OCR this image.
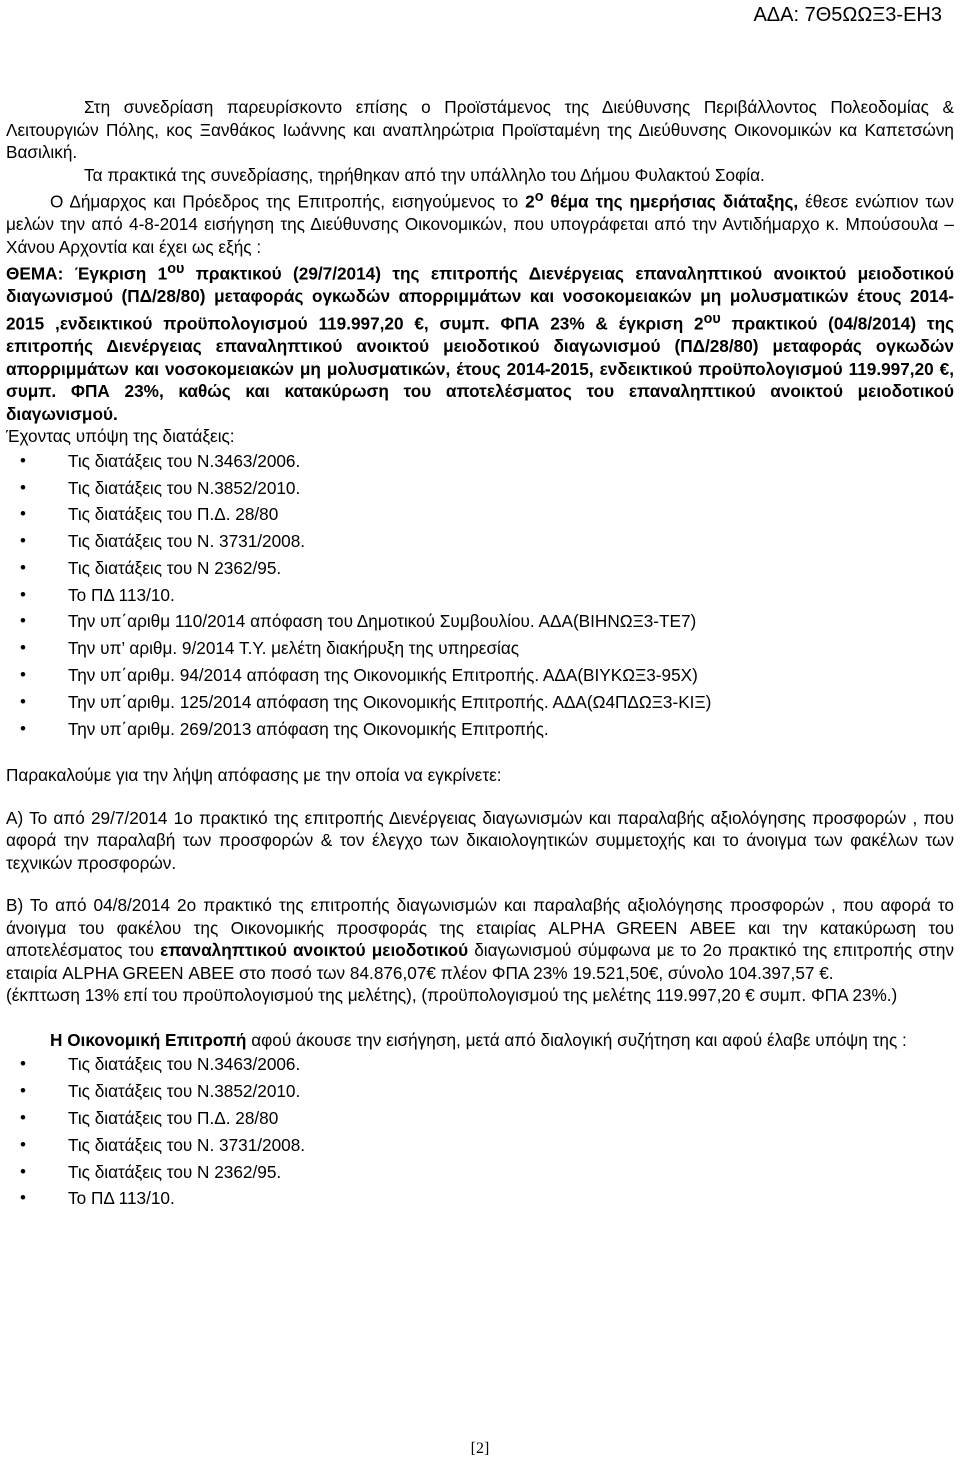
ΑΔΑ: 7Θ5ΩΩΞ3-ΕΗ3

Στη συνεδρίαση παρευρίσκοντο επίσης ο Προϊστάμενος της Διεύθυνσης Περιβάλλοντος Πολεοδομίας & Λειτουργιών Πόλης, κος Ξανθάκος Ιωάννης και αναπληρώτρια Προϊσταμένη της Διεύθυνσης Οικονομικών κα Καπετσώνη Βασιλική.

Τα πρακτικά της συνεδρίασης, τηρήθηκαν από την υπάλληλο του Δήμου Φυλακτού Σοφία.

Ο Δήμαρχος και Πρόεδρος της Επιτροπής, εισηγούμενος το $2^o$ θέμα της ημερήσιας διάταξης, έθεσε ενώπιον των μελών την από 4-8-2014 εισήγηση της Διεύθυνσης Οικονομικών, που υπογράφεται από την Αντιδήμαρχο κ. Μπούσουλα – Χάνου Αρχοντία και έχει ως εξής :

ΘΕΜΑ: Έγκριση $1^{o\upsilon}$ πρακτικού (29/7/2014) της επιτροπής Διενέργειας επαναληπτικού ανοικτού μειοδοτικού διαγωνισμού (ΠΔ/28/80) μεταφοράς ογκωδών απορριμμάτων και νοσοκομειακών μη μολυσματικών έτους 2014-2015 ,ενδεικτικού προϋπολογισμού 119.997,20 €, συμπ. ΦΠΑ 23% & έγκριση $2^{o\upsilon}$ πρακτικού (04/8/2014) της επιτροπής Διενέργειας επαναληπτικού ανοικτού μειοδοτικού διαγωνισμού (ΠΔ/28/80) μεταφοράς ογκωδών απορριμμάτων και νοσοκομειακών μη μολυσματικών, έτους 2014-2015, ενδεικτικού προϋπολογισμού 119.997,20 €, συμπ. ΦΠΑ 23%, καθώς και κατακύρωση του αποτελέσματος του επαναληπτικού ανοικτού μειοδοτικού διαγωνισμού.

Έχοντας υπόψη της διατάξεις:

• Τις διατάξεις του Ν.3463/2006.
• Τις διατάξεις του Ν.3852/2010.
• Τις διατάξεις του Π.Δ. 28/80
• Τις διατάξεις του Ν. 3731/2008.
• Τις διατάξεις του Ν 2362/95.
• Το ΠΔ 113/10.
• Την υπ΄αριθμ 110/2014 απόφαση του Δημοτικού Συμβουλίου. ΑΔΑ(ΒΙΗΝΩΞ3-ΤΕ7)
• Την υπ’ αριθμ. 9/2014 Τ.Υ. μελέτη διακήρυξη της υπηρεσίας
• Την υπ΄αριθμ. 94/2014 απόφαση της Οικονομικής Επιτροπής. ΑΔΑ(ΒΙΥΚΩΞ3-95Χ)
• Την υπ΄αριθμ. 125/2014 απόφαση της Οικονομικής Επιτροπής. ΑΔΑ(Ω4ΠΔΩΞ3-ΚΙΞ)
• Την υπ΄αριθμ. 269/2013 απόφαση της Οικονομικής Επιτροπής.

Παρακαλούμε για την λήψη απόφασης με την οποία να εγκρίνετε:

Α) Το από 29/7/2014 1ο πρακτικό της επιτροπής Διενέργειας διαγωνισμών και παραλαβής αξιολόγησης προσφορών , που αφορά την παραλαβή των προσφορών & τον έλεγχο των δικαιολογητικών συμμετοχής και το άνοιγμα των φακέλων των τεχνικών προσφορών.

Β) Το από 04/8/2014 2ο πρακτικό της επιτροπής διαγωνισμών και παραλαβής αξιολόγησης προσφορών , που αφορά το άνοιγμα του φακέλου της Οικονομικής προσφοράς της εταιρίας ALPHA GREEN ΑΒΕΕ και την κατακύρωση του αποτελέσματος του επαναληπτικού ανοικτού μειοδοτικού διαγωνισμού σύμφωνα με το 2ο πρακτικό της επιτροπής στην εταιρία ALPHA GREEN ΑΒΕΕ στο ποσό των 84.876,07€ πλέον ΦΠΑ 23% 19.521,50€, σύνολο 104.397,57 €.

(έκπτωση 13% επί του προϋπολογισμού της μελέτης), (προϋπολογισμού της μελέτης 119.997,20 € συμπ. ΦΠΑ 23%.)

Η Οικονομική Επιτροπή αφού άκουσε την εισήγηση, μετά από διαλογική συζήτηση και αφού έλαβε υπόψη της :

• Τις διατάξεις του Ν.3463/2006.
• Τις διατάξεις του Ν.3852/2010.
• Τις διατάξεις του Π.Δ. 28/80
• Τις διατάξεις του Ν. 3731/2008.
• Τις διατάξεις του Ν 2362/95.
• Το ΠΔ 113/10.
[2]
